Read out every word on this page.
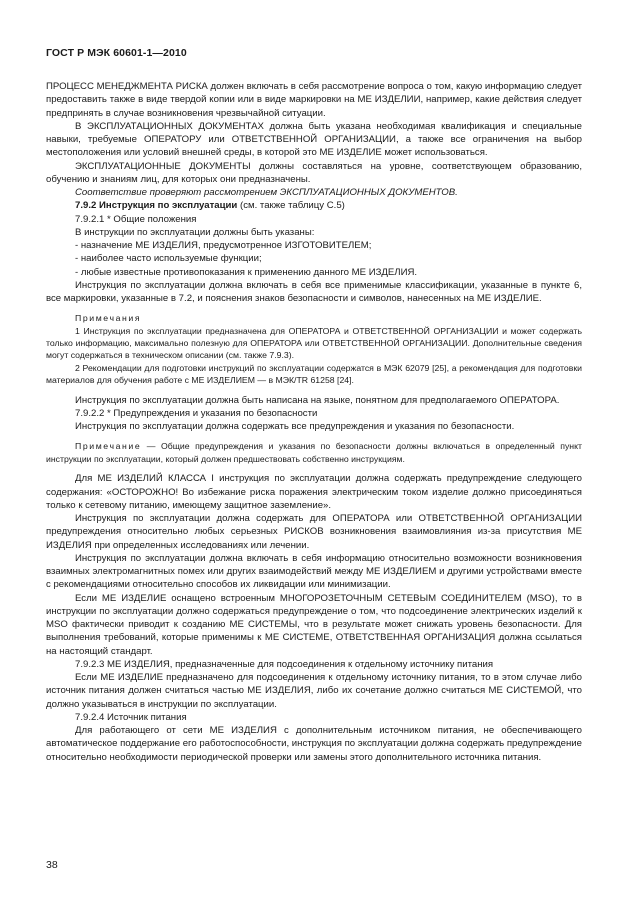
ГОСТ Р МЭК 60601-1—2010

ПРОЦЕСС МЕНЕДЖМЕНТА РИСКА должен включать в себя рассмотрение вопроса о том, какую информацию следует предоставить также в виде твердой копии или в виде маркировки на МЕ ИЗДЕЛИИ, например, какие действия следует предпринять в случае возникновения чрезвычайной ситуации.

В ЭКСПЛУАТАЦИОННЫХ ДОКУМЕНТАХ должна быть указана необходимая квалификация и специальные навыки, требуемые ОПЕРАТОРУ или ОТВЕТСТВЕННОЙ ОРГАНИЗАЦИИ, а также все ограничения на выбор местоположения или условий внешней среды, в которой это МЕ ИЗДЕЛИЕ может использоваться.

ЭКСПЛУАТАЦИОННЫЕ ДОКУМЕНТЫ должны составляться на уровне, соответствующем образованию, обучению и знаниям лиц, для которых они предназначены.

Соответствие проверяют рассмотрением ЭКСПЛУАТАЦИОННЫХ ДОКУМЕНТОВ.

7.9.2 Инструкция по эксплуатации (см. также таблицу С.5)

7.9.2.1 * Общие положения

В инструкции по эксплуатации должны быть указаны:

- назначение МЕ ИЗДЕЛИЯ, предусмотренное ИЗГОТОВИТЕЛЕМ;

- наиболее часто используемые функции;

- любые известные противопоказания к применению данного МЕ ИЗДЕЛИЯ.

Инструкция по эксплуатации должна включать в себя все применимые классификации, указанные в пункте 6, все маркировки, указанные в 7.2, и пояснения знаков безопасности и символов, нанесенных на МЕ ИЗДЕЛИЕ.

Примечания

1 Инструкция по эксплуатации предназначена для ОПЕРАТОРА и ОТВЕТСТВЕННОЙ ОРГАНИЗАЦИИ и может содержать только информацию, максимально полезную для ОПЕРАТОРА или ОТВЕТСТВЕННОЙ ОРГАНИЗАЦИИ. Дополнительные сведения могут содержаться в техническом описании (см. также 7.9.3).

2 Рекомендации для подготовки инструкций по эксплуатации содержатся в МЭК 62079 [25], а рекомендация для подготовки материалов для обучения работе с МЕ ИЗДЕЛИЕМ — в МЭК/TR 61258 [24].

Инструкция по эксплуатации должна быть написана на языке, понятном для предполагаемого ОПЕРАТОРА.

7.9.2.2 * Предупреждения и указания по безопасности

Инструкция по эксплуатации должна содержать все предупреждения и указания по безопасности.

Примечание — Общие предупреждения и указания по безопасности должны включаться в определенный пункт инструкции по эксплуатации, который должен предшествовать собственно инструкциям.

Для МЕ ИЗДЕЛИЙ КЛАССА I инструкция по эксплуатации должна содержать предупреждение следующего содержания: «ОСТОРОЖНО! Во избежание риска поражения электрическим током изделие должно присоединяться только к сетевому питанию, имеющему защитное заземление».

Инструкция по эксплуатации должна содержать для ОПЕРАТОРА или ОТВЕТСТВЕННОЙ ОРГАНИЗАЦИИ предупреждения относительно любых серьезных РИСКОВ возникновения взаимовлияния из-за присутствия МЕ ИЗДЕЛИЯ при определенных исследованиях или лечении.

Инструкция по эксплуатации должна включать в себя информацию относительно возможности возникновения взаимных электромагнитных помех или других взаимодействий между МЕ ИЗДЕЛИЕМ и другими устройствами вместе с рекомендациями относительно способов их ликвидации или минимизации.

Если МЕ ИЗДЕЛИЕ оснащено встроенным МНОГОРОЗЕТОЧНЫМ СЕТЕВЫМ СОЕДИНИТЕЛЕМ (MSO), то в инструкции по эксплуатации должно содержаться предупреждение о том, что подсоединение электрических изделий к MSO фактически приводит к созданию МЕ СИСТЕМЫ, что в результате может снижать уровень безопасности. Для выполнения требований, которые применимы к МЕ СИСТЕМЕ, ОТВЕТСТВЕННАЯ ОРГАНИЗАЦИЯ должна ссылаться на настоящий стандарт.

7.9.2.3 МЕ ИЗДЕЛИЯ, предназначенные для подсоединения к отдельному источнику питания

Если МЕ ИЗДЕЛИЕ предназначено для подсоединения к отдельному источнику питания, то в этом случае либо источник питания должен считаться частью МЕ ИЗДЕЛИЯ, либо их сочетание должно считаться МЕ СИСТЕМОЙ, что должно указываться в инструкции по эксплуатации.

7.9.2.4 Источник питания

Для работающего от сети МЕ ИЗДЕЛИЯ с дополнительным источником питания, не обеспечивающего автоматическое поддержание его работоспособности, инструкция по эксплуатации должна содержать предупреждение относительно необходимости периодической проверки или замены этого дополнительного источника питания.

38
